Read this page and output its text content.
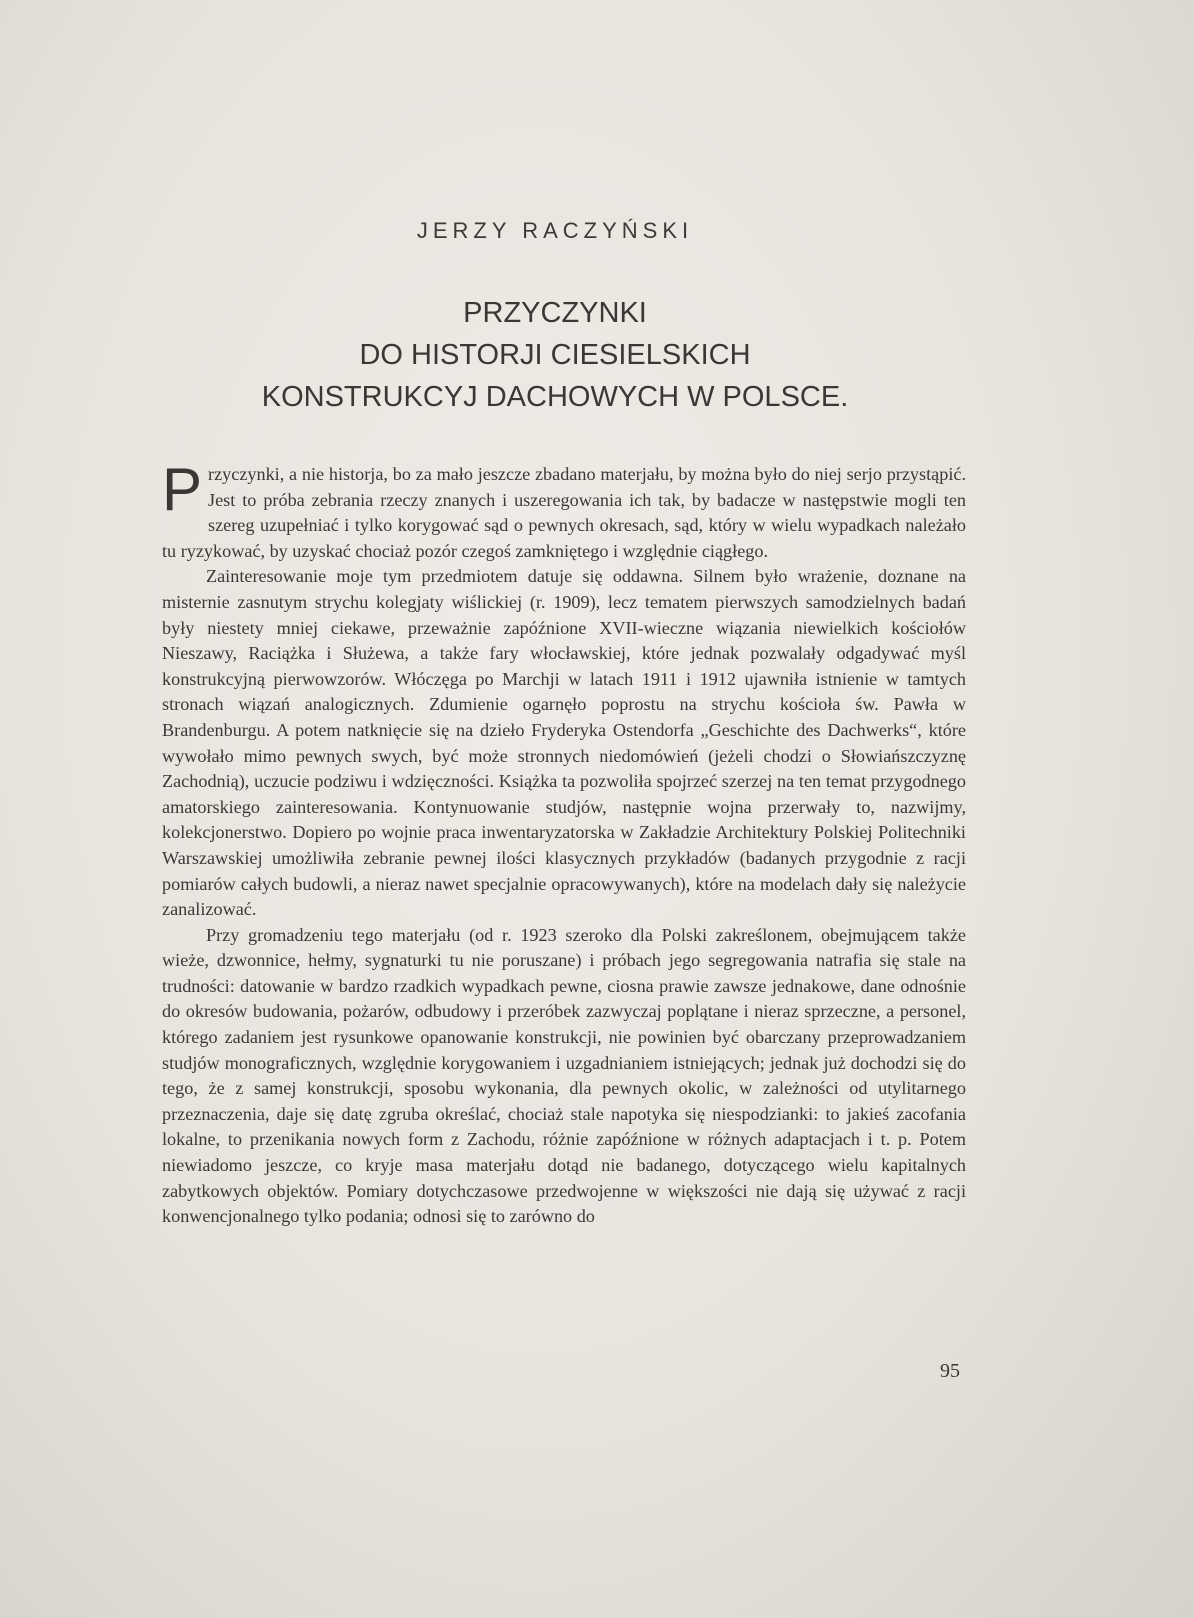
JERZY RACZYŃSKI
PRZYCZYNKI
DO HISTORJI CIESIELSKICH
KONSTRUKCYJ DACHOWYCH W POLSCE.

Przyczynki, a nie historja, bo za mało jeszcze zbadano materjału, by można było do niej serjo przystąpić. Jest to próba zebrania rzeczy znanych i uszeregowania ich tak, by badacze w następstwie mogli ten szereg uzupełniać i tylko korygować sąd o pewnych okresach, sąd, który w wielu wypadkach należało tu ryzykować, by uzyskać chociaż pozór czegoś zamkniętego i względnie ciągłego.

Zainteresowanie moje tym przedmiotem datuje się oddawna. Silnem było wrażenie, doznane na misternie zasnutym strychu kolegjaty wiślickiej (r. 1909), lecz tematem pierwszych samodzielnych badań były niestety mniej ciekawe, przeważnie zapóźnione XVII-wieczne wiązania niewielkich kościołów Nieszawy, Raciążka i Służewa, a także fary włocławskiej, które jednak pozwalały odgadywać myśl konstrukcyjną pierwowzorów. Włóczęga po Marchji w latach 1911 i 1912 ujawniła istnienie w tamtych stronach wiązań analogicznych. Zdumienie ogarnęło poprostu na strychu kościoła św. Pawła w Brandenburgu. A potem natknięcie się na dzieło Fryderyka Ostendorfa „Geschichte des Dachwerks“, które wywołało mimo pewnych swych, być może stronnych niedomówień (jeżeli chodzi o Słowiańszczyznę Zachodnią), uczucie podziwu i wdzięczności. Książka ta pozwoliła spojrzeć szerzej na ten temat przygodnego amatorskiego zainteresowania. Kontynuowanie studjów, następnie wojna przerwały to, nazwijmy, kolekcjonerstwo. Dopiero po wojnie praca inwentaryzatorska w Zakładzie Architektury Polskiej Politechniki Warszawskiej umożliwiła zebranie pewnej ilości klasycznych przykładów (badanych przygodnie z racji pomiarów całych budowli, a nieraz nawet specjalnie opracowywanych), które na modelach dały się należycie zanalizować.

Przy gromadzeniu tego materjału (od r. 1923 szeroko dla Polski zakreślonem, obejmującem także wieże, dzwonnice, hełmy, sygnaturki tu nie poruszane) i próbach jego segregowania natrafia się stale na trudności: datowanie w bardzo rzadkich wypadkach pewne, ciosna prawie zawsze jednakowe, dane odnośnie do okresów budowania, pożarów, odbudowy i przeróbek zazwyczaj poplątane i nieraz sprzeczne, a personel, którego zadaniem jest rysunkowe opanowanie konstrukcji, nie powinien być obarczany przeprowadzaniem studjów monograficznych, względnie korygowaniem i uzgadnianiem istniejących; jednak już dochodzi się do tego, że z samej konstrukcji, sposobu wykonania, dla pewnych okolic, w zależności od utylitarnego przeznaczenia, daje się datę zgruba określać, chociaż stale napotyka się niespodzianki: to jakieś zacofania lokalne, to przenikania nowych form z Zachodu, różnie zapóźnione w różnych adaptacjach i t. p. Potem niewiadomo jeszcze, co kryje masa materjału dotąd nie badanego, dotyczącego wielu kapitalnych zabytkowych objektów. Pomiary dotychczasowe przedwojenne w większości nie dają się używać z racji konwencjonalnego tylko podania; odnosi się to zarówno do

95
